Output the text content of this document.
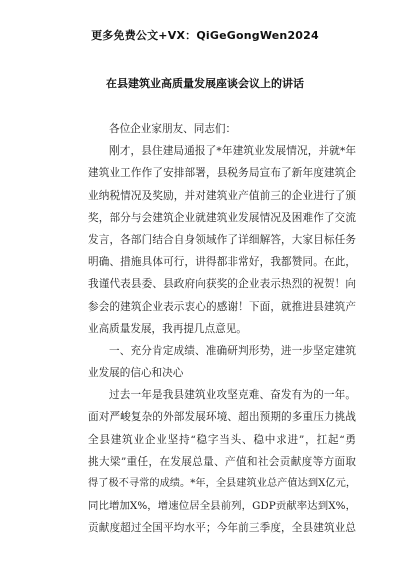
更多免费公文+VX：QiGeGongWen2024
在县建筑业高质量发展座谈会议上的讲话
各位企业家朋友、同志们：
刚才，县住建局通报了*年建筑业发展情况，并就*年
建筑业工作作了安排部署，县税务局宣布了新年度建筑企
业纳税情况及奖励，并对建筑业产值前三的企业进行了颁
奖，部分与会建筑企业就建筑业发展情况及困难作了交流
发言，各部门结合自身领域作了详细解答，大家目标任务
明确、措施具体可行，讲得都非常好，我都赞同。在此，
我谨代表县委、县政府向获奖的企业表示热烈的祝贺！向
参会的建筑企业表示衷心的感谢！下面，就推进县建筑产
业高质量发展，我再提几点意见。
一、充分肯定成绩、准确研判形势，进一步坚定建筑
业发展的信心和决心
过去一年是我县建筑业攻坚克难、奋发有为的一年。
面对严峻复杂的外部发展环境、超出预期的多重压力挑战
全县建筑业企业坚持“稳字当头、稳中求进”，扛起“勇
挑大梁”重任，在发展总量、产值和社会贡献度等方面取
得了极不寻常的成绩。*年，全县建筑业总产值达到X亿元，
同比增加X%，增速位居全县前列，GDP贡献率达到X%，
贡献度超过全国平均水平；今年前三季度，全县建筑业总
